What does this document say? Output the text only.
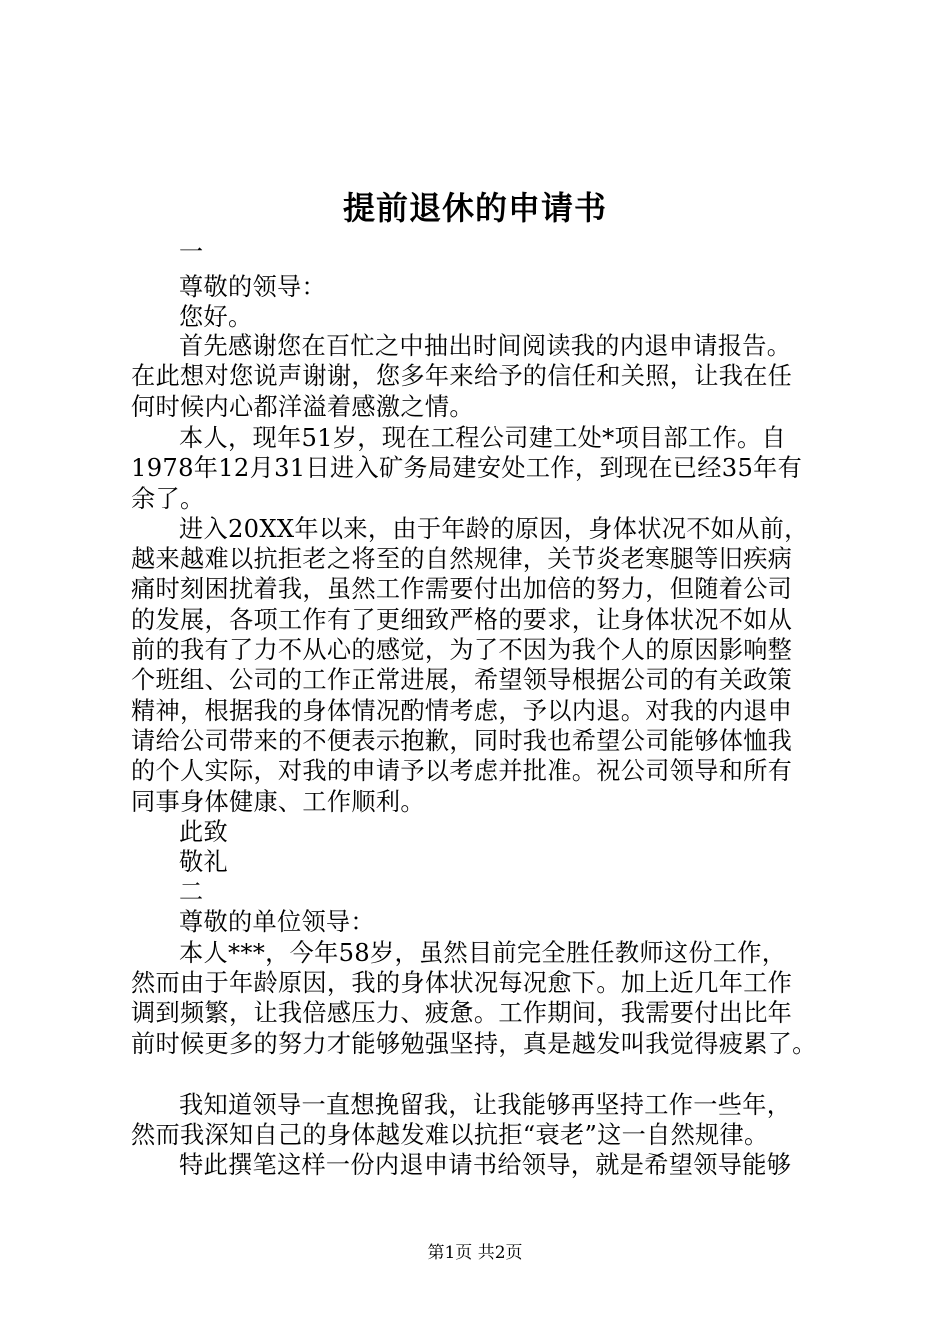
提前退休的申请书
一
尊敬的领导：
您好。
首先感谢您在百忙之中抽出时间阅读我的内退申请报告。
在此想对您说声谢谢，您多年来给予的信任和关照，让我在任
何时候内心都洋溢着感激之情。
本人，现年51岁，现在工程公司建工处*项目部工作。自
1978年12月31日进入矿务局建安处工作，到现在已经35年有
余了。
进入20XX年以来，由于年龄的原因，身体状况不如从前，
越来越难以抗拒老之将至的自然规律，关节炎老寒腿等旧疾病
痛时刻困扰着我，虽然工作需要付出加倍的努力，但随着公司
的发展，各项工作有了更细致严格的要求，让身体状况不如从
前的我有了力不从心的感觉，为了不因为我个人的原因影响整
个班组、公司的工作正常进展，希望领导根据公司的有关政策
精神，根据我的身体情况酌情考虑，予以内退。对我的内退申
请给公司带来的不便表示抱歉，同时我也希望公司能够体恤我
的个人实际，对我的申请予以考虑并批准。祝公司领导和所有
同事身体健康、工作顺利。
此致
敬礼
二
尊敬的单位领导：
本人***，今年58岁，虽然目前完全胜任教师这份工作，
然而由于年龄原因，我的身体状况每况愈下。加上近几年工作
调到频繁，让我倍感压力、疲惫。工作期间，我需要付出比年
前时候更多的努力才能够勉强坚持，真是越发叫我觉得疲累了。
我知道领导一直想挽留我，让我能够再坚持工作一些年，
然而我深知自己的身体越发难以抗拒“衰老”这一自然规律。
特此撰笔这样一份内退申请书给领导，就是希望领导能够
第1页 共2页
